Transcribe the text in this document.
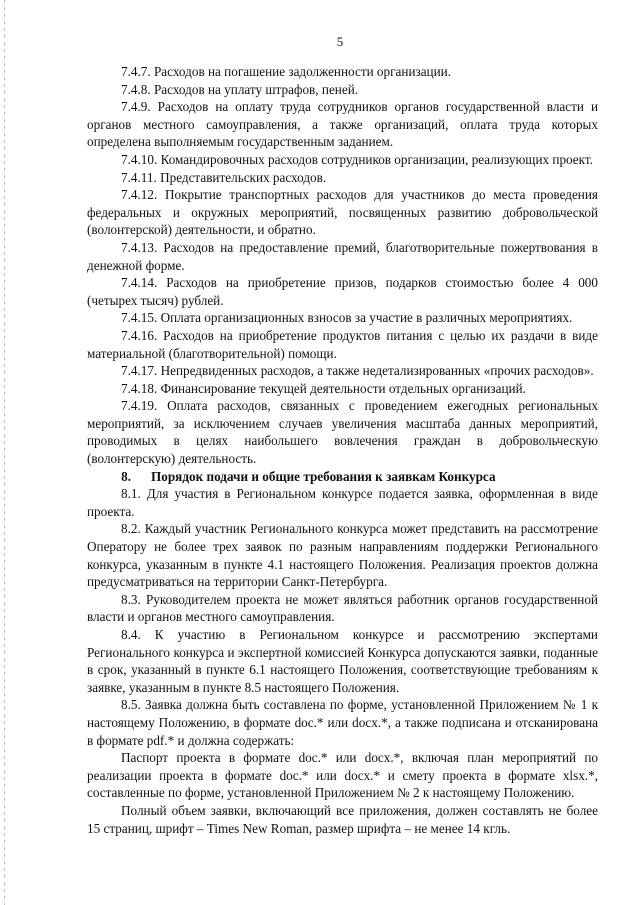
5

7.4.7. Расходов на погашение задолженности организации.

7.4.8. Расходов на уплату штрафов, пеней.

7.4.9. Расходов на оплату труда сотрудников органов государственной власти и органов местного самоуправления, а также организаций, оплата труда которых определена выполняемым государственным заданием.

7.4.10. Командировочных расходов сотрудников организации, реализующих проект.

7.4.11. Представительских расходов.

7.4.12. Покрытие транспортных расходов для участников до места проведения федеральных и окружных мероприятий, посвященных развитию добровольческой (волонтерской) деятельности, и обратно.

7.4.13. Расходов на предоставление премий, благотворительные пожертвования в денежной форме.

7.4.14. Расходов на приобретение призов, подарков стоимостью более 4 000 (четырех тысяч) рублей.

7.4.15. Оплата организационных взносов за участие в различных мероприятиях.

7.4.16. Расходов на приобретение продуктов питания с целью их раздачи в виде материальной (благотворительной) помощи.

7.4.17. Непредвиденных расходов, а также недетализированных «прочих расходов».

7.4.18. Финансирование текущей деятельности отдельных организаций.

7.4.19. Оплата расходов, связанных с проведением ежегодных региональных мероприятий, за исключением случаев увеличения масштаба данных мероприятий, проводимых в целях наибольшего вовлечения граждан в добровольческую (волонтерскую) деятельность.

8. Порядок подачи и общие требования к заявкам Конкурса

8.1. Для участия в Региональном конкурсе подается заявка, оформленная в виде проекта.

8.2. Каждый участник Регионального конкурса может представить на рассмотрение Оператору не более трех заявок по разным направлениям поддержки Регионального конкурса, указанным в пункте 4.1 настоящего Положения. Реализация проектов должна предусматриваться на территории Санкт-Петербурга.

8.3. Руководителем проекта не может являться работник органов государственной власти и органов местного самоуправления.

8.4. К участию в Региональном конкурсе и рассмотрению экспертами Регионального конкурса и экспертной комиссией Конкурса допускаются заявки, поданные в срок, указанный в пункте 6.1 настоящего Положения, соответствующие требованиям к заявке, указанным в пункте 8.5 настоящего Положения.

8.5. Заявка должна быть составлена по форме, установленной Приложением № 1 к настоящему Положению, в формате doc.* или docx.*, а также подписана и отсканирована в формате pdf.* и должна содержать:

Паспорт проекта в формате doc.* или docx.*, включая план мероприятий по реализации проекта в формате doc.* или docx.* и смету проекта в формате xlsx.*, составленные по форме, установленной Приложением № 2 к настоящему Положению.

Полный объем заявки, включающий все приложения, должен составлять не более 15 страниц, шрифт – Times New Roman, размер шрифта – не менее 14 кгль.
